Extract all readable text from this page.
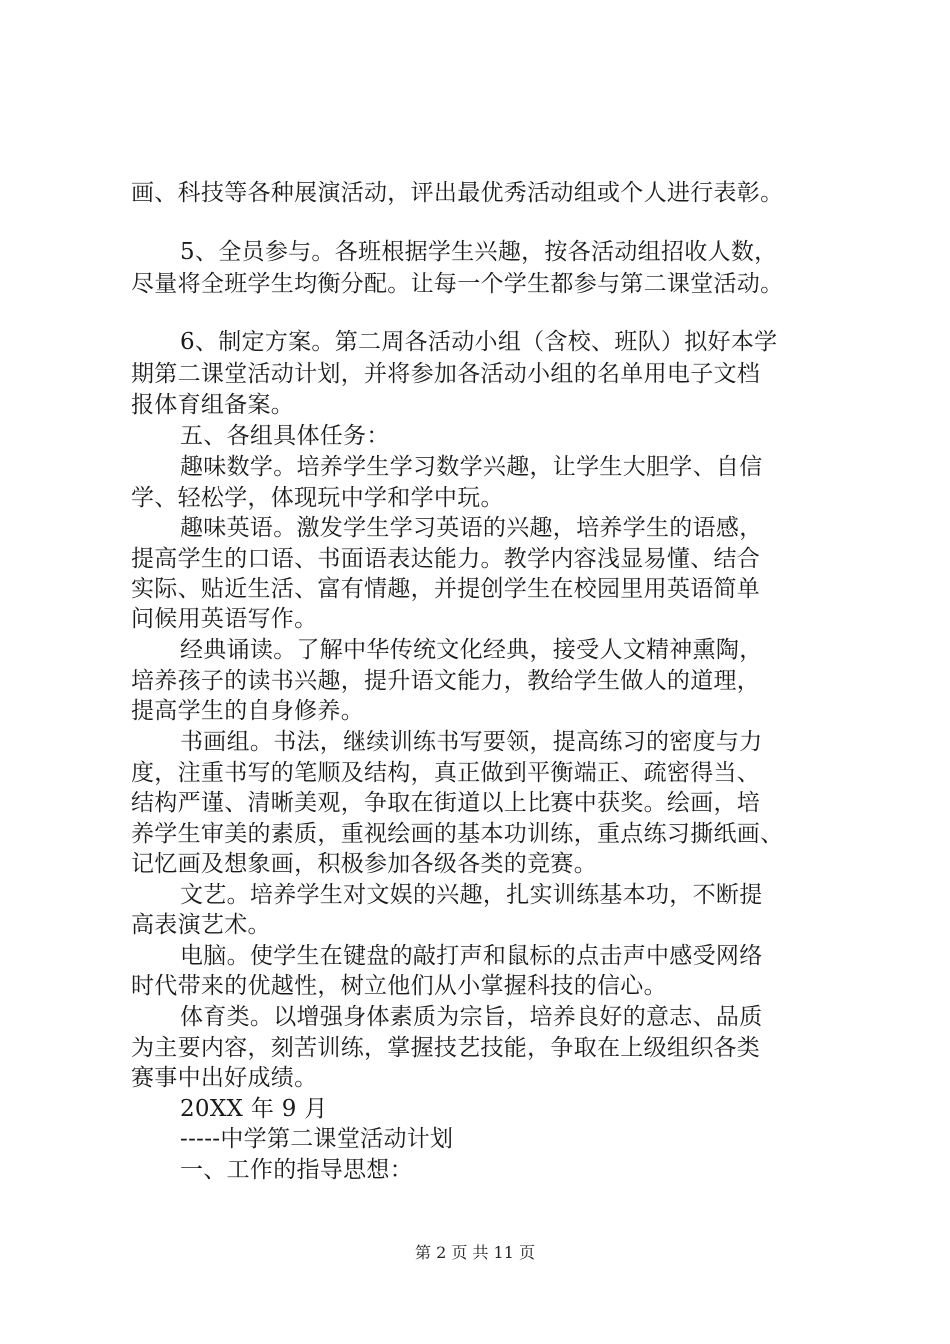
画、科技等各种展演活动，评出最优秀活动组或个人进行表彰。
5、全员参与。各班根据学生兴趣，按各活动组招收人数，
尽量将全班学生均衡分配。让每一个学生都参与第二课堂活动。
6、制定方案。第二周各活动小组（含校、班队）拟好本学
期第二课堂活动计划，并将参加各活动小组的名单用电子文档
报体育组备案。
五、各组具体任务：
趣味数学。培养学生学习数学兴趣，让学生大胆学、自信
学、轻松学，体现玩中学和学中玩。
趣味英语。激发学生学习英语的兴趣，培养学生的语感，
提高学生的口语、书面语表达能力。教学内容浅显易懂、结合
实际、贴近生活、富有情趣，并提创学生在校园里用英语简单
问候用英语写作。
经典诵读。了解中华传统文化经典，接受人文精神熏陶，
培养孩子的读书兴趣，提升语文能力，教给学生做人的道理，
提高学生的自身修养。
书画组。书法，继续训练书写要领，提高练习的密度与力
度，注重书写的笔顺及结构，真正做到平衡端正、疏密得当、
结构严谨、清晰美观，争取在街道以上比赛中获奖。绘画，培
养学生审美的素质，重视绘画的基本功训练，重点练习撕纸画、
记忆画及想象画，积极参加各级各类的竞赛。
文艺。培养学生对文娱的兴趣，扎实训练基本功，不断提
高表演艺术。
电脑。使学生在键盘的敲打声和鼠标的点击声中感受网络
时代带来的优越性，树立他们从小掌握科技的信心。
体育类。以增强身体素质为宗旨，培养良好的意志、品质
为主要内容，刻苦训练，掌握技艺技能，争取在上级组织各类
赛事中出好成绩。
20XX 年 9 月
-----中学第二课堂活动计划
一、工作的指导思想：
第 2 页 共 11 页
